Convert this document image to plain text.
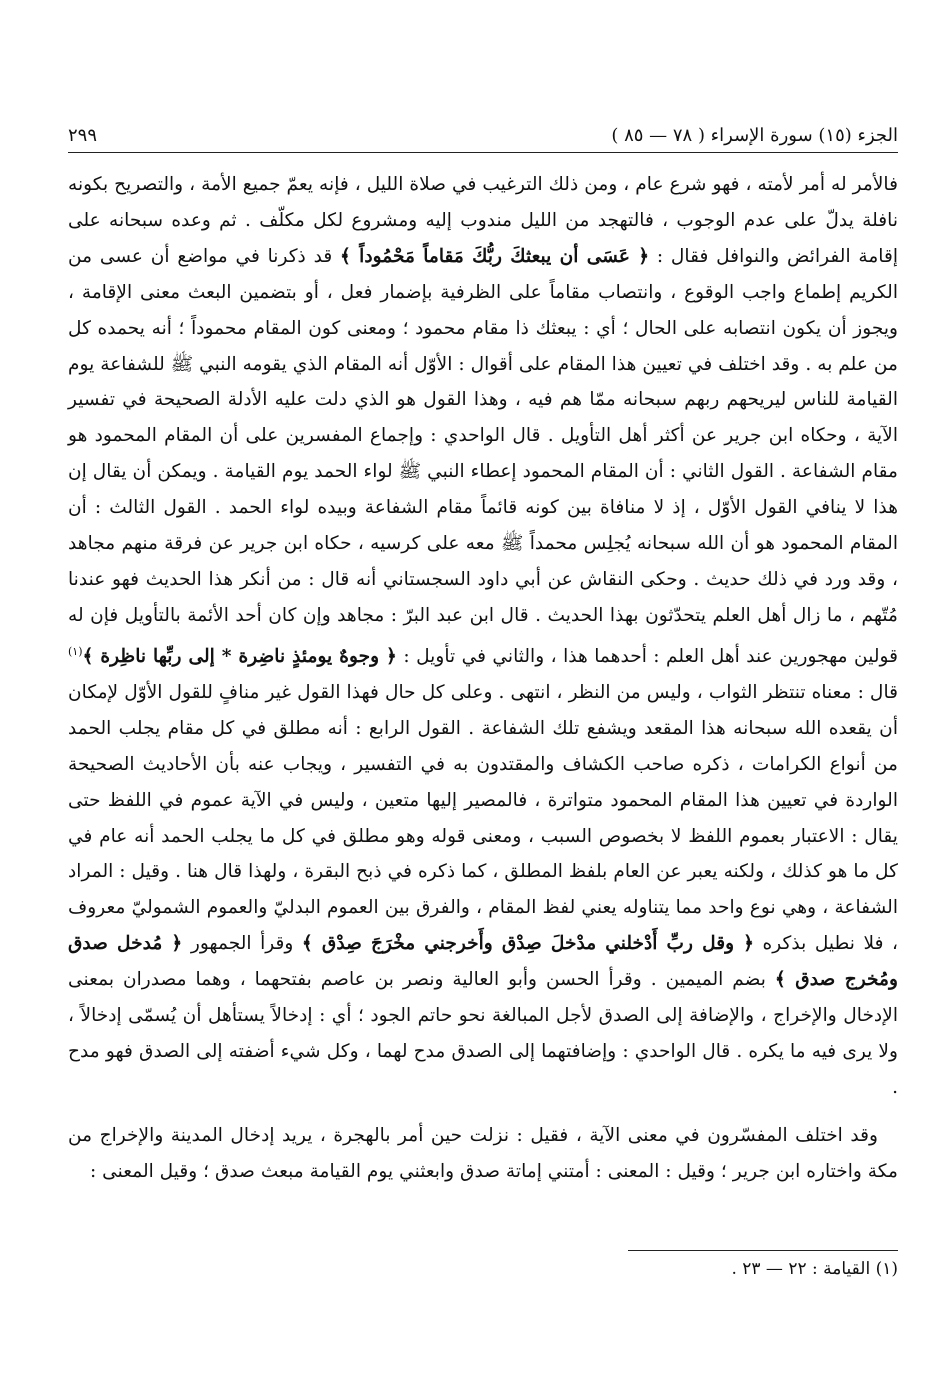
الجزء (١٥) سورة الإسراء ( ٧٨ — ٨٥ )
٢٩٩

فالأمر له أمر لأمته ، فهو شرع عام ، ومن ذلك الترغيب في صلاة الليل ، فإنه يعمّ جميع الأمة ، والتصريح بكونه نافلة يدلّ على عدم الوجوب ، فالتهجد من الليل مندوب إليه ومشروع لكل مكلّف . ثم وعده سبحانه على إقامة الفرائض والنوافل فقال : ﴿ عَسَى أن يبعثكَ ربُّكَ مَقاماً مَحْمُوداً ﴾ قد ذكرنا في مواضع أن عسى من الكريم إطماع واجب الوقوع ، وانتصاب مقاماً على الظرفية بإضمار فعل ، أو بتضمين البعث معنى الإقامة ، ويجوز أن يكون انتصابه على الحال ؛ أي : يبعثك ذا مقام محمود ؛ ومعنى كون المقام محموداً ؛ أنه يحمده كل من علم به . وقد اختلف في تعيين هذا المقام على أقوال : الأوّل أنه المقام الذي يقومه النبي ﷺ للشفاعة يوم القيامة للناس ليريحهم ربهم سبحانه ممّا هم فيه ، وهذا القول هو الذي دلت عليه الأدلة الصحيحة في تفسير الآية ، وحكاه ابن جرير عن أكثر أهل التأويل . قال الواحدي : وإجماع المفسرين على أن المقام المحمود هو مقام الشفاعة . القول الثاني : أن المقام المحمود إعطاء النبي ﷺ لواء الحمد يوم القيامة . ويمكن أن يقال إن هذا لا ينافي القول الأوّل ، إذ لا منافاة بين كونه قائماً مقام الشفاعة وبيده لواء الحمد . القول الثالث : أن المقام المحمود هو أن الله سبحانه يُجلِس محمداً ﷺ معه على كرسيه ، حكاه ابن جرير عن فرقة منهم مجاهد ، وقد ورد في ذلك حديث . وحكى النقاش عن أبي داود السجستاني أنه قال : من أنكر هذا الحديث فهو عندنا مُتّهم ، ما زال أهل العلم يتحدّثون بهذا الحديث . قال ابن عبد البرّ : مجاهد وإن كان أحد الأئمة بالتأويل فإن له قولين مهجورين عند أهل العلم : أحدهما هذا ، والثاني في تأويل : ﴿ وجوهٌ يومئذٍ ناضِرة * إلى ربِّها ناظِرة ﴾$^{(١)}$ قال : معناه تنتظر الثواب ، وليس من النظر ، انتهى . وعلى كل حال فهذا القول غير منافٍ للقول الأوّل لإمكان أن يقعده الله سبحانه هذا المقعد ويشفع تلك الشفاعة . القول الرابع : أنه مطلق في كل مقام يجلب الحمد من أنواع الكرامات ، ذكره صاحب الكشاف والمقتدون به في التفسير ، ويجاب عنه بأن الأحاديث الصحيحة الواردة في تعيين هذا المقام المحمود متواترة ، فالمصير إليها متعين ، وليس في الآية عموم في اللفظ حتى يقال : الاعتبار بعموم اللفظ لا بخصوص السبب ، ومعنى قوله وهو مطلق في كل ما يجلب الحمد أنه عام في كل ما هو كذلك ، ولكنه يعبر عن العام بلفظ المطلق ، كما ذكره في ذبح البقرة ، ولهذا قال هنا . وقيل : المراد الشفاعة ، وهي نوع واحد مما يتناوله يعني لفظ المقام ، والفرق بين العموم البدليّ والعموم الشموليّ معروف ، فلا نطيل بذكره ﴿ وقل ربِّ أَدْخلني مدْخلَ صِدْق وأَخرجني مخْرَجَ صِدْق ﴾ وقرأ الجمهور ﴿ مُدخل صدق ومُخرج صدق ﴾ بضم الميمين . وقرأ الحسن وأبو العالية ونصر بن عاصم بفتحهما ، وهما مصدران بمعنى الإدخال والإخراج ، والإضافة إلى الصدق لأجل المبالغة نحو حاتم الجود ؛ أي : إدخالاً يستأهل أن يُسمّى إدخالاً ، ولا يرى فيه ما يكره . قال الواحدي : وإضافتهما إلى الصدق مدح لهما ، وكل شيء أضفته إلى الصدق فهو مدح .

وقد اختلف المفسّرون في معنى الآية ، فقيل : نزلت حين أمر بالهجرة ، يريد إدخال المدينة والإخراج من مكة واختاره ابن جرير ؛ وقيل : المعنى : أمتني إماتة صدق وابعثني يوم القيامة مبعث صدق ؛ وقيل المعنى :

(١) القيامة : ٢٢ — ٢٣ .
